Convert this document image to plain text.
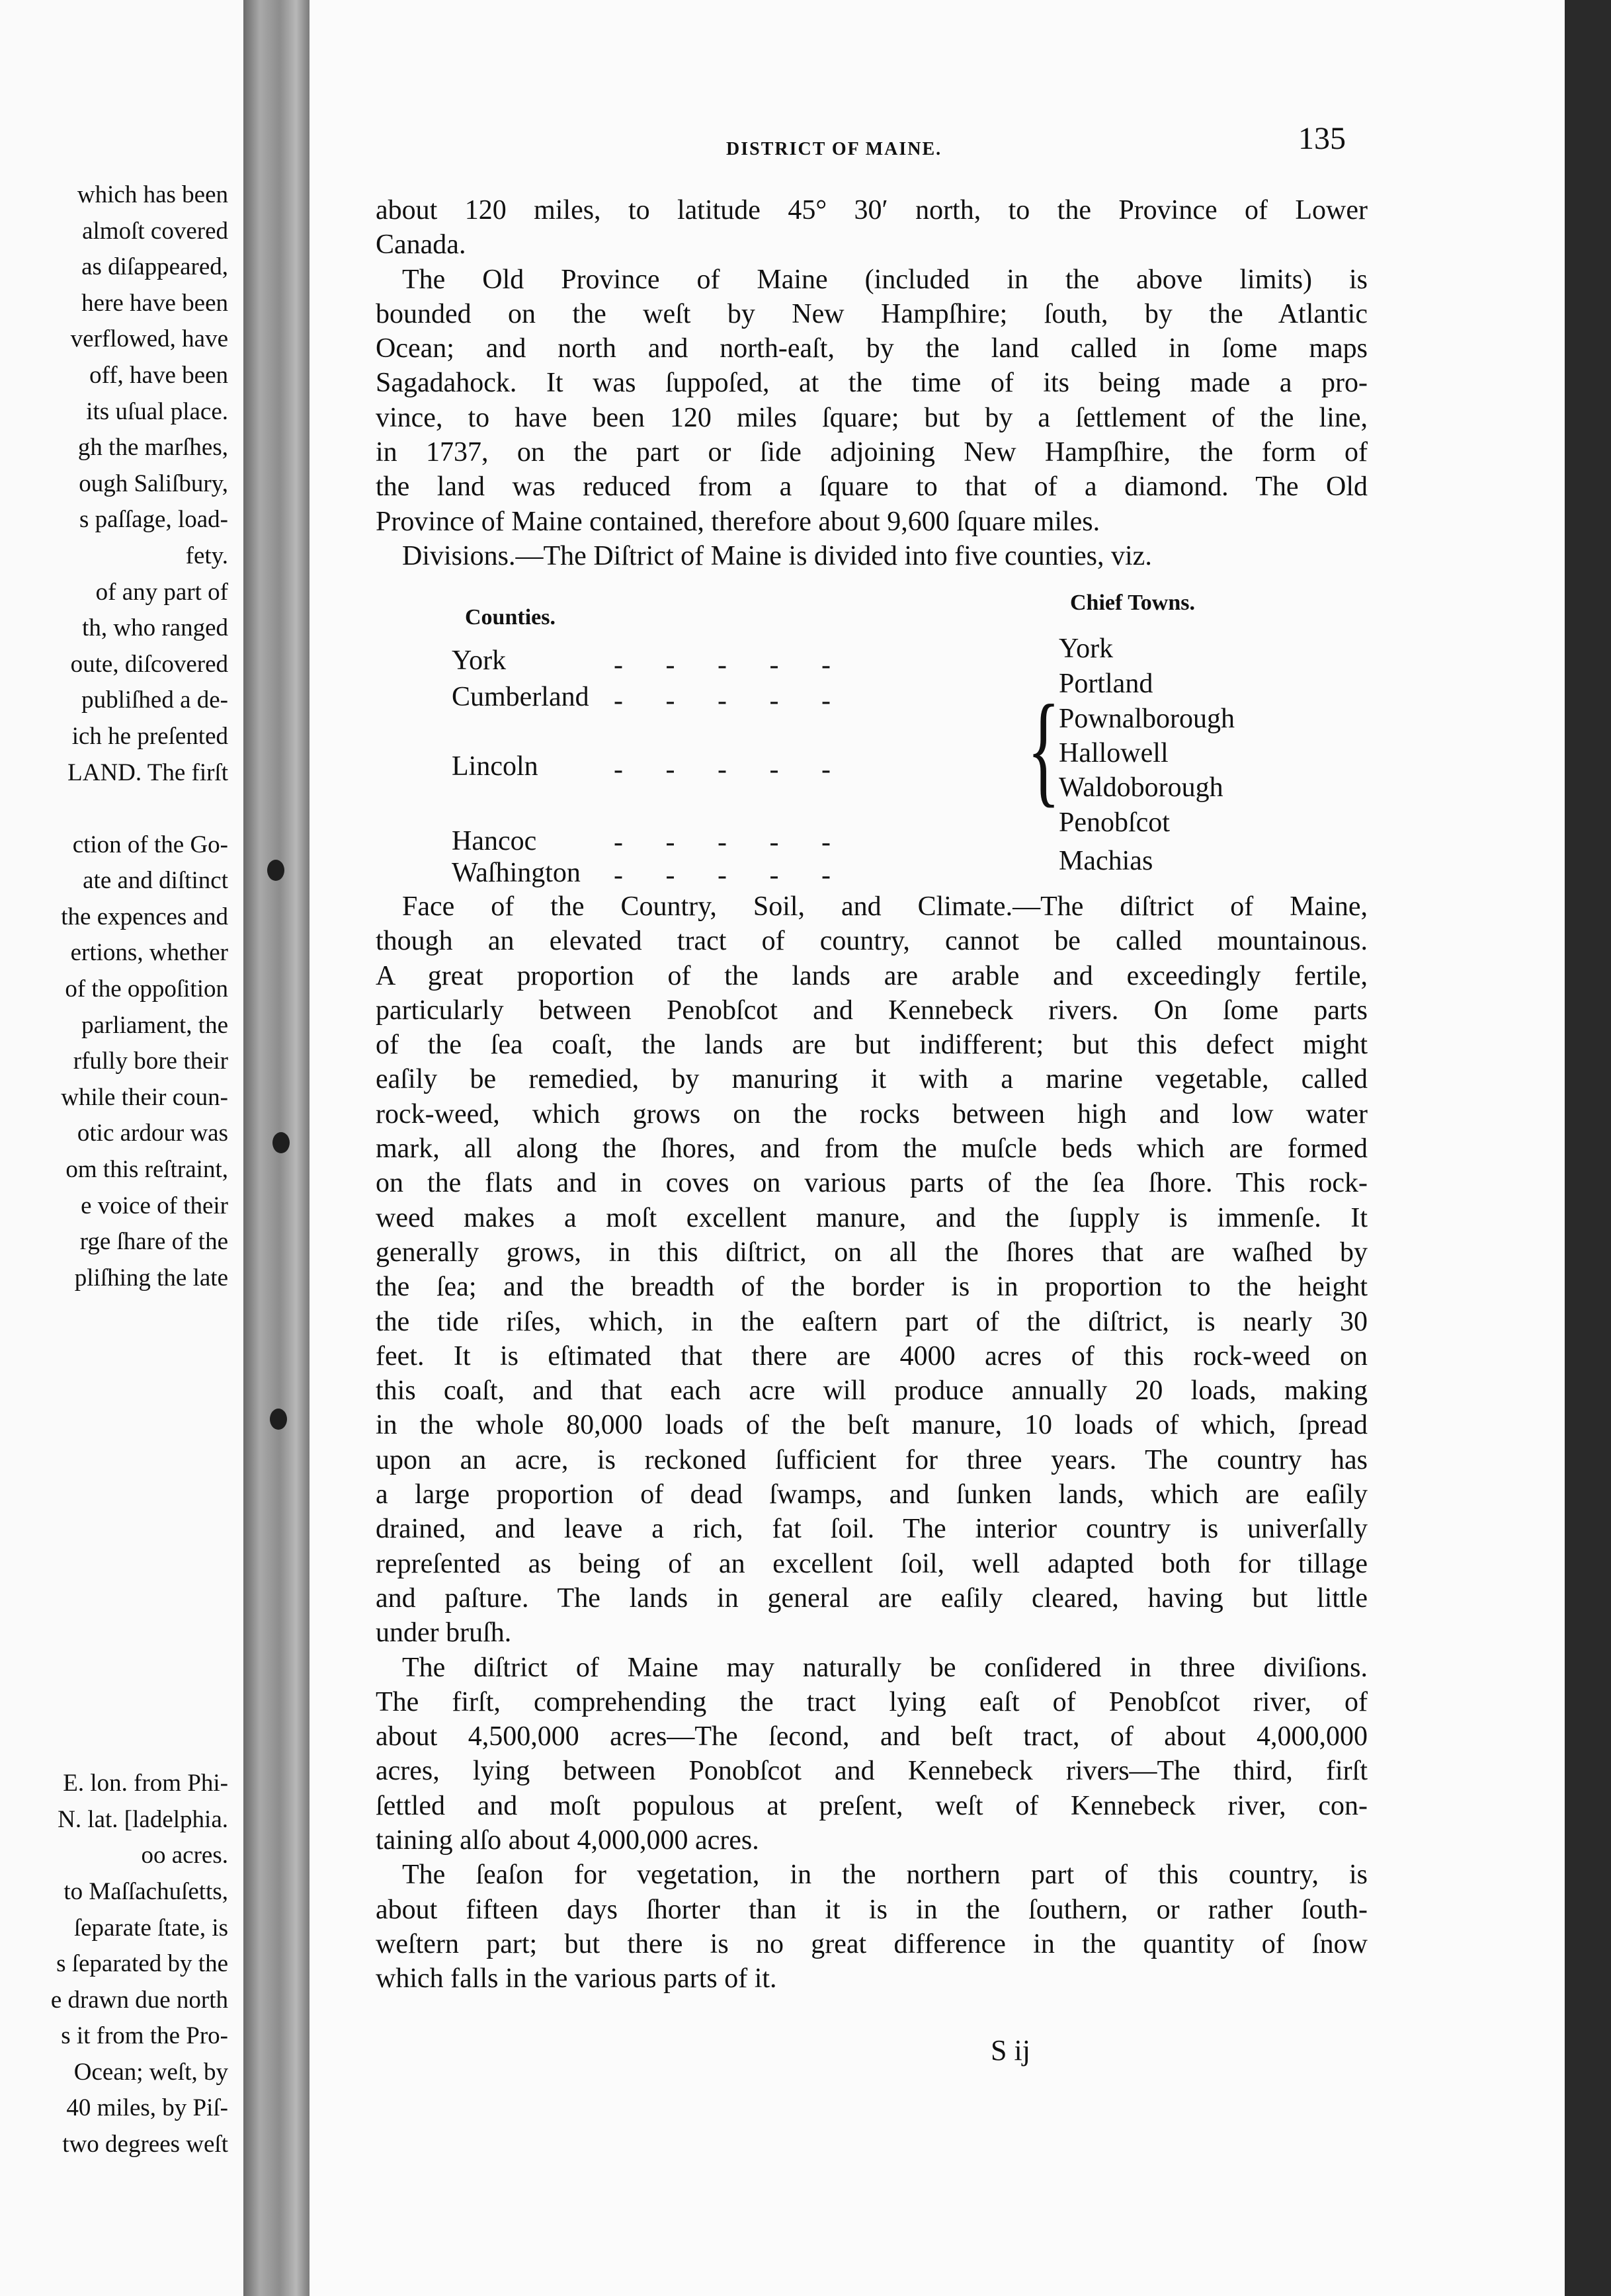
which has been
almoſt covered
as diſappeared,
here have been
verflowed, have
off, have been
its uſual place.
gh the marſhes,
ough Saliſbury,
s paſſage, load-
fety.
of any part of
th, who ranged
oute, diſcovered
publiſhed a de-
ich he preſented
LAND. The firſt
ction of the Go-
ate and diſtinct
the expences and
ertions, whether
of the oppoſition
parliament, the
rfully bore their
while their coun-
otic ardour was
om this reſtraint,
e voice of their
rge ſhare of the
pliſhing the late
E. lon. from Phi-
N. lat. [ladelphia.
oo acres.
to Maſſachuſetts,
ſeparate ſtate, is
s ſeparated by the
e drawn due north
s it from the Pro-
Ocean; weſt, by
40 miles, by Piſ-
two degrees weſt
DISTRICT OF MAINE.	135
about 120 miles, to latitude 45° 30′ north, to the Province of Lower
Canada.
The Old Province of Maine (included in the above limits) is
bounded on the weſt by New Hampſhire; ſouth, by the Atlantic
Ocean; and north and north-eaſt, by the land called in ſome maps
Sagadahock. It was ſuppoſed, at the time of its being made a pro-
vince, to have been 120 miles ſquare; but by a ſettlement of the line,
in 1737, on the part or ſide adjoining New Hampſhire, the form of
the land was reduced from a ſquare to that of a diamond. The Old
Province of Maine contained, therefore about 9,600 ſquare miles.
Divisions.—The Diſtrict of Maine is divided into five counties, viz.
Counties.
Chief Towns.
York
Cumberland
Lincoln
Hancoc
Waſhington
-     -     -     -     -
-     -     -     -     -
-     -     -     -     -
-     -     -     -     -
-     -     -     -     -
York
Portland
{
Pownalborough
Hallowell
Waldoborough
Penobſcot
Machias
Face of the Country, Soil, and Climate.—The diſtrict of Maine,
though an elevated tract of country, cannot be called mountainous.
A great proportion of the lands are arable and exceedingly fertile,
particularly between Penobſcot and Kennebeck rivers. On ſome parts
of the ſea coaſt, the lands are but indifferent; but this defect might
eaſily be remedied, by manuring it with a marine vegetable, called
rock-weed, which grows on the rocks between high and low water
mark, all along the ſhores, and from the muſcle beds which are formed
on the flats and in coves on various parts of the ſea ſhore. This rock-
weed makes a moſt excellent manure, and the ſupply is immenſe. It
generally grows, in this diſtrict, on all the ſhores that are waſhed by
the ſea; and the breadth of the border is in proportion to the height
the tide riſes, which, in the eaſtern part of the diſtrict, is nearly 30
feet. It is eſtimated that there are 4000 acres of this rock-weed on
this coaſt, and that each acre will produce annually 20 loads, making
in the whole 80,000 loads of the beſt manure, 10 loads of which, ſpread
upon an acre, is reckoned ſufficient for three years. The country has
a large proportion of dead ſwamps, and ſunken lands, which are eaſily
drained, and leave a rich, fat ſoil. The interior country is univerſally
repreſented as being of an excellent ſoil, well adapted both for tillage
and paſture. The lands in general are eaſily cleared, having but little
under bruſh.
The diſtrict of Maine may naturally be conſidered in three diviſions.
The firſt, comprehending the tract lying eaſt of Penobſcot river, of
about 4,500,000 acres—The ſecond, and beſt tract, of about 4,000,000
acres, lying between Ponobſcot and Kennebeck rivers—The third, firſt
ſettled and moſt populous at preſent, weſt of Kennebeck river, con-
taining alſo about 4,000,000 acres.
The ſeaſon for vegetation, in the northern part of this country, is
about fifteen days ſhorter than it is in the ſouthern, or rather ſouth-
weſtern part; but there is no great difference in the quantity of ſnow
which falls in the various parts of it.
S ij
